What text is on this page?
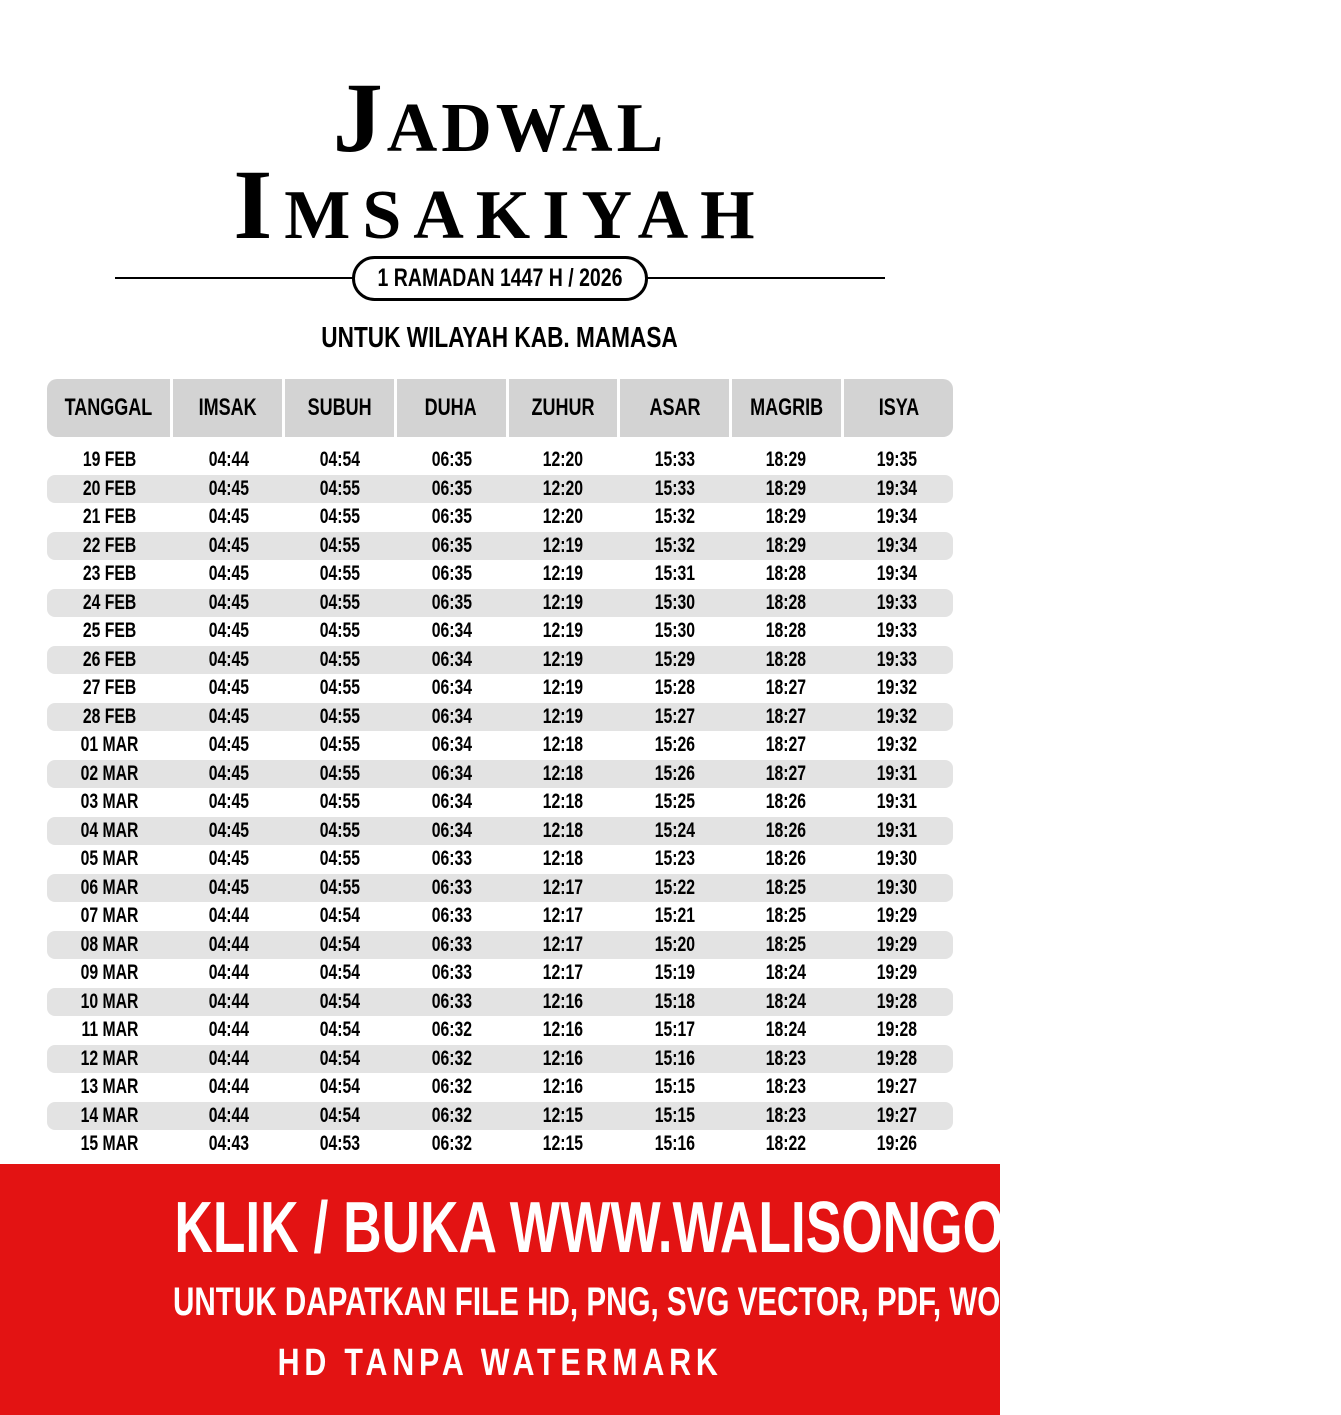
Jadwal
Imsakiyah
1 RAMADAN 1447 H / 2026
UNTUK WILAYAH KAB. MAMASA
TANGGAL IMSAK SUBUH DUHA ZUHUR ASAR MAGRIB ISYA
19 FEB	04:44	04:54	06:35	12:20	15:33	18:29	19:35
20 FEB	04:45	04:55	06:35	12:20	15:33	18:29	19:34
21 FEB	04:45	04:55	06:35	12:20	15:32	18:29	19:34
22 FEB	04:45	04:55	06:35	12:19	15:32	18:29	19:34
23 FEB	04:45	04:55	06:35	12:19	15:31	18:28	19:34
24 FEB	04:45	04:55	06:35	12:19	15:30	18:28	19:33
25 FEB	04:45	04:55	06:34	12:19	15:30	18:28	19:33
26 FEB	04:45	04:55	06:34	12:19	15:29	18:28	19:33
27 FEB	04:45	04:55	06:34	12:19	15:28	18:27	19:32
28 FEB	04:45	04:55	06:34	12:19	15:27	18:27	19:32
01 MAR	04:45	04:55	06:34	12:18	15:26	18:27	19:32
02 MAR	04:45	04:55	06:34	12:18	15:26	18:27	19:31
03 MAR	04:45	04:55	06:34	12:18	15:25	18:26	19:31
04 MAR	04:45	04:55	06:34	12:18	15:24	18:26	19:31
05 MAR	04:45	04:55	06:33	12:18	15:23	18:26	19:30
06 MAR	04:45	04:55	06:33	12:17	15:22	18:25	19:30
07 MAR	04:44	04:54	06:33	12:17	15:21	18:25	19:29
08 MAR	04:44	04:54	06:33	12:17	15:20	18:25	19:29
09 MAR	04:44	04:54	06:33	12:17	15:19	18:24	19:29
10 MAR	04:44	04:54	06:33	12:16	15:18	18:24	19:28
11 MAR	04:44	04:54	06:32	12:16	15:17	18:24	19:28
12 MAR	04:44	04:54	06:32	12:16	15:16	18:23	19:28
13 MAR	04:44	04:54	06:32	12:16	15:15	18:23	19:27
14 MAR	04:44	04:54	06:32	12:15	15:15	18:23	19:27
15 MAR	04:43	04:53	06:32	12:15	15:16	18:22	19:26
KLIK / BUKA WWW.WALISONGO.CO.ID
UNTUK DAPATKAN FILE HD, PNG, SVG VECTOR, PDF, WORD, EXCEL
HD TANPA WATERMARK
